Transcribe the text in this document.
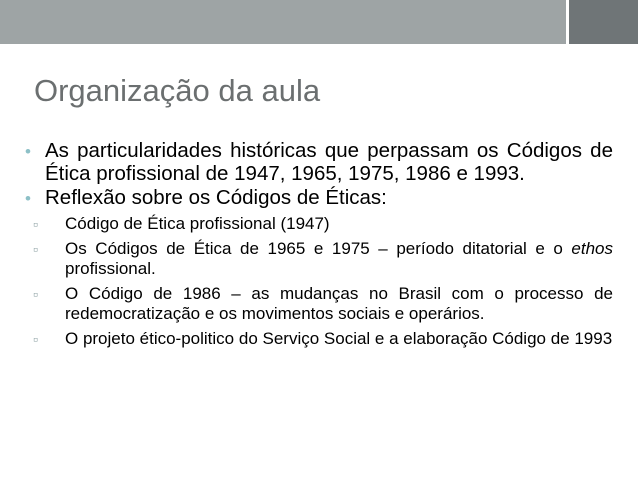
Organização da aula
• As particularidades históricas que perpassam os Códigos de Ética profissional de 1947, 1965, 1975, 1986 e 1993.
• Reflexão sobre os Códigos de Éticas:
▫ Código de Ética profissional (1947)
▫ Os Códigos de Ética de 1965 e 1975 – período ditatorial e o ethos profissional.
▫ O Código de 1986 – as mudanças no Brasil com o processo de redemocratização e os movimentos sociais e operários.
▫ O projeto ético-politico do Serviço Social e a elaboração Código de 1993
